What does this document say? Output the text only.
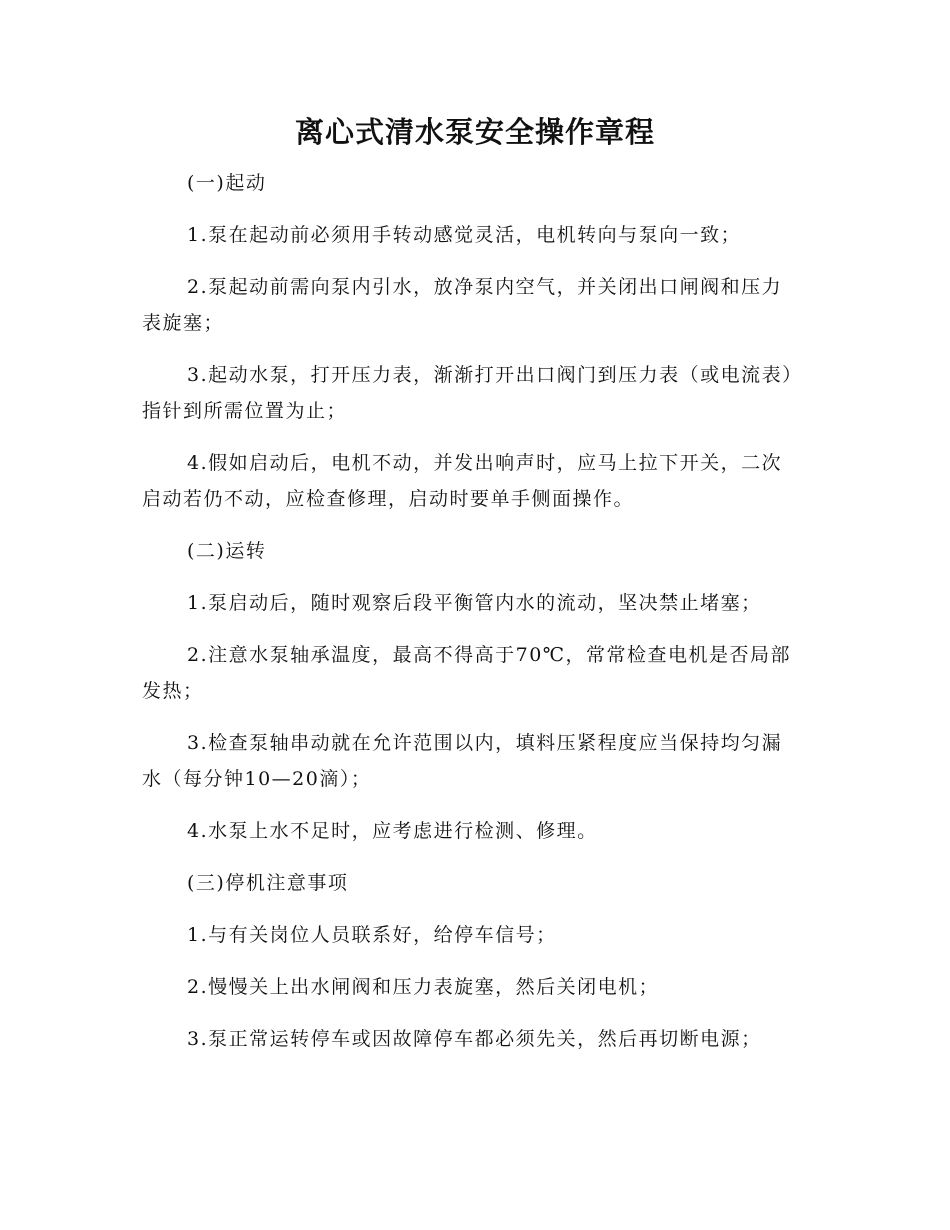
离心式清水泵安全操作章程

(一)起动

1.泵在起动前必须用手转动感觉灵活，电机转向与泵向一致；

2.泵起动前需向泵内引水，放净泵内空气，并关闭出口闸阀和压力表旋塞；

3.起动水泵，打开压力表，渐渐打开出口阀门到压力表（或电流表）指针到所需位置为止；

4.假如启动后，电机不动，并发出响声时，应马上拉下开关，二次启动若仍不动，应检查修理，启动时要单手侧面操作。

(二)运转

1.泵启动后，随时观察后段平衡管内水的流动，坚决禁止堵塞；

2.注意水泵轴承温度，最高不得高于70℃，常常检查电机是否局部发热；

3.检查泵轴串动就在允许范围以内，填料压紧程度应当保持均匀漏水（每分钟10—20滴）；

4.水泵上水不足时，应考虑进行检测、修理。

(三)停机注意事项

1.与有关岗位人员联系好，给停车信号；

2.慢慢关上出水闸阀和压力表旋塞，然后关闭电机；

3.泵正常运转停车或因故障停车都必须先关，然后再切断电源；
